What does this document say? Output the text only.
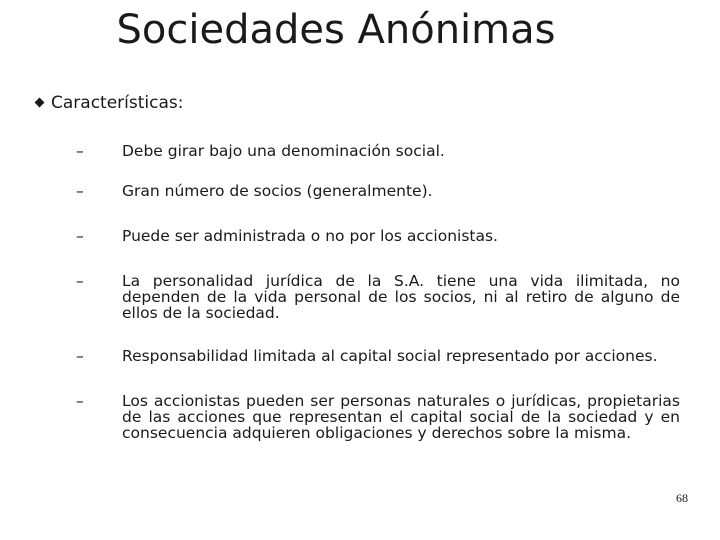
Sociedades Anónimas
Características:
– Debe girar bajo una denominación social.
– Gran número de socios (generalmente).
– Puede ser administrada o no por los accionistas.
– La personalidad jurídica de la S.A. tiene una vida ilimitada, no dependen de la vida personal de los socios, ni al retiro de alguno de ellos de la sociedad.
– Responsabilidad limitada al capital social representado por acciones.
– Los accionistas pueden ser personas naturales o jurídicas, propietarias de las acciones que representan el capital social de la sociedad y en consecuencia adquieren obligaciones y derechos sobre la misma.
68
